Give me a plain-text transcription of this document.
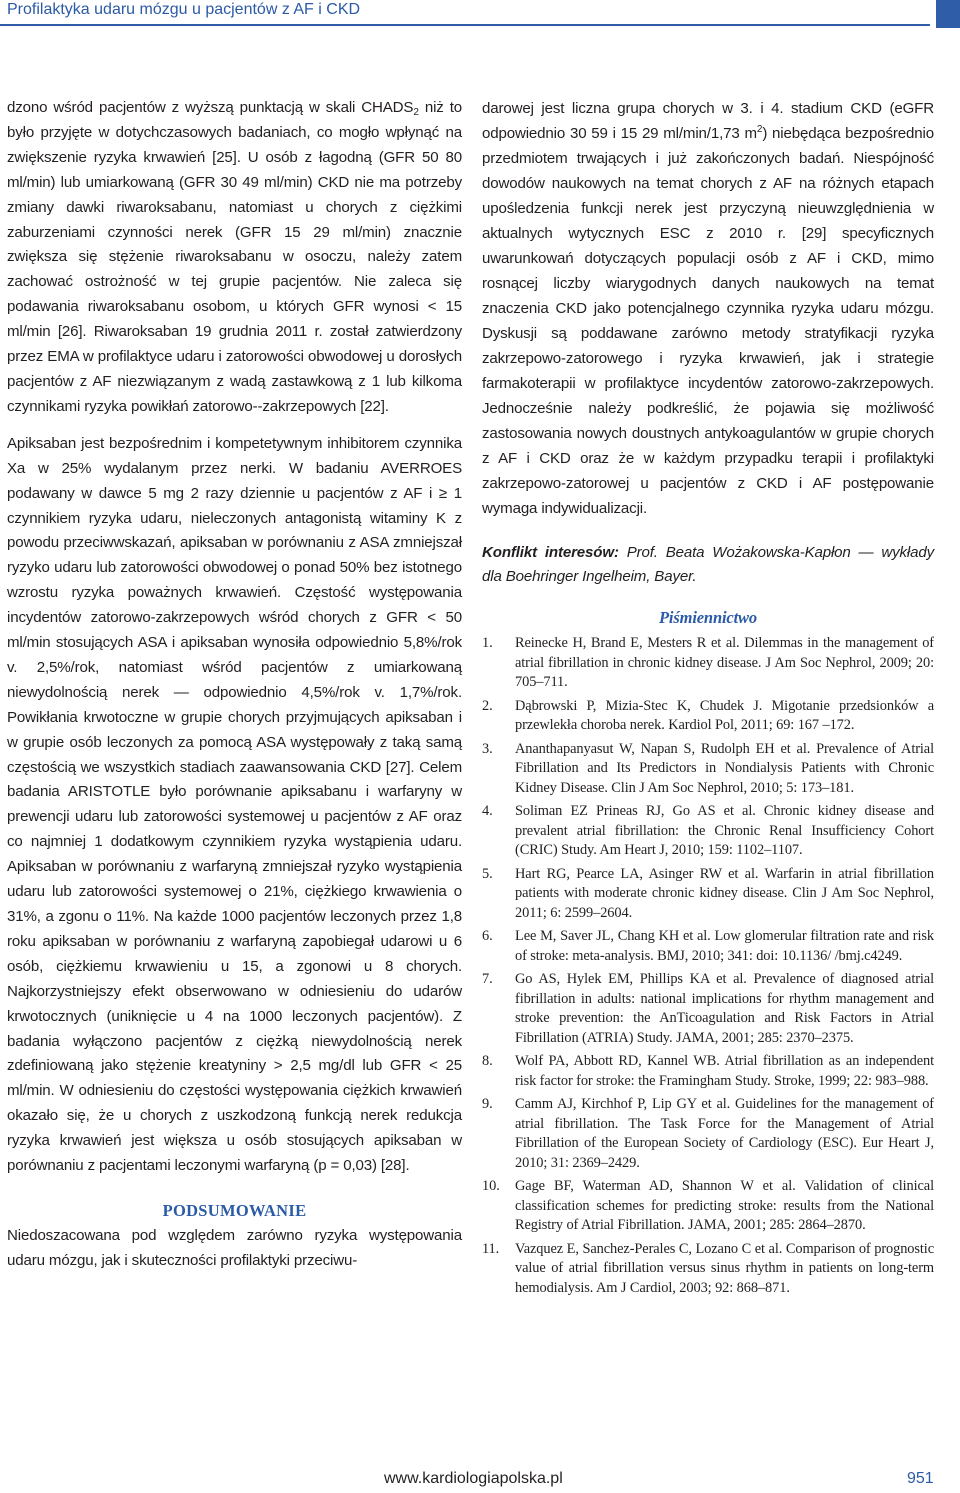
Profilaktyka udaru mózgu u pacjentów z AF i CKD

dzono wśród pacjentów z wyższą punktacją w skali $CHADS_2$ niż to było przyjęte w dotychczasowych badaniach, co mogło wpłynąć na zwiększenie ryzyka krwawień [25]. U osób z łagodną (GFR 50 80 ml/min) lub umiarkowaną (GFR 30 49 ml/min) CKD nie ma potrzeby zmiany dawki riwaroksabanu, natomiast u chorych z ciężkimi zaburzeniami czynności nerek (GFR 15 29 ml/min) znacznie zwiększa się stężenie riwaroksabanu w osoczu, należy zatem zachować ostrożność w tej grupie pacjentów. Nie zaleca się podawania riwaroksabanu osobom, u których GFR wynosi < 15 ml/min [26]. Riwaroksaban 19 grudnia 2011 r. został zatwierdzony przez EMA w profilaktyce udaru i zatorowości obwodowej u dorosłych pacjentów z AF niezwiązanym z wadą zastawkową z 1 lub kilkoma czynnikami ryzyka powikłań zatorowo--zakrzepowych [22].

Apiksaban jest bezpośrednim i kompetetywnym inhibitorem czynnika Xa w 25% wydalanym przez nerki. W badaniu AVERROES podawany w dawce 5 mg 2 razy dziennie u pacjentów z AF i ≥ 1 czynnikiem ryzyka udaru, nieleczonych antagonistą witaminy K z powodu przeciwwskazań, apiksaban w porównaniu z ASA zmniejszał ryzyko udaru lub zatorowości obwodowej o ponad 50% bez istotnego wzrostu ryzyka poważnych krwawień. Częstość występowania incydentów zatorowo-zakrzepowych wśród chorych z GFR < 50 ml/min stosujących ASA i apiksaban wynosiła odpowiednio 5,8%/rok v. 2,5%/rok, natomiast wśród pacjentów z umiarkowaną niewydolnością nerek — odpowiednio 4,5%/rok v. 1,7%/rok. Powikłania krwotoczne w grupie chorych przyjmujących apiksaban i w grupie osób leczonych za pomocą ASA występowały z taką samą częstością we wszystkich stadiach zaawansowania CKD [27]. Celem badania ARISTOTLE było porównanie apiksabanu i warfaryny w prewencji udaru lub zatorowości systemowej u pacjentów z AF oraz co najmniej 1 dodatkowym czynnikiem ryzyka wystąpienia udaru. Apiksaban w porównaniu z warfaryną zmniejszał ryzyko wystąpienia udaru lub zatorowości systemowej o 21%, ciężkiego krwawienia o 31%, a zgonu o 11%. Na każde 1000 pacjentów leczonych przez 1,8 roku apiksaban w porównaniu z warfaryną zapobiegał udarowi u 6 osób, ciężkiemu krwawieniu u 15, a zgonowi u 8 chorych. Najkorzystniejszy efekt obserwowano w odniesieniu do udarów krwotocznych (uniknięcie u 4 na 1000 leczonych pacjentów). Z badania wyłączono pacjentów z ciężką niewydolnością nerek zdefiniowaną jako stężenie kreatyniny > 2,5 mg/dl lub GFR < 25 ml/min. W odniesieniu do częstości występowania ciężkich krwawień okazało się, że u chorych z uszkodzoną funkcją nerek redukcja ryzyka krwawień jest większa u osób stosujących apiksaban w porównaniu z pacjentami leczonymi warfaryną (p = 0,03) [28].

PODSUMOWANIE

Niedoszacowana pod względem zarówno ryzyka występowania udaru mózgu, jak i skuteczności profilaktyki przeciwu-

darowej jest liczna grupa chorych w 3. i 4. stadium CKD (eGFR odpowiednio 30 59 i 15 29 ml/min/1,73 $m^2$) niebędąca bezpośrednio przedmiotem trwających i już zakończonych badań. Niespójność dowodów naukowych na temat chorych z AF na różnych etapach upośledzenia funkcji nerek jest przyczyną nieuwzględnienia w aktualnych wytycznych ESC z 2010 r. [29] specyficznych uwarunkowań dotyczących populacji osób z AF i CKD, mimo rosnącej liczby wiarygodnych danych naukowych na temat znaczenia CKD jako potencjalnego czynnika ryzyka udaru mózgu. Dyskusji są poddawane zarówno metody stratyfikacji ryzyka zakrzepowo-zatorowego i ryzyka krwawień, jak i strategie farmakoterapii w profilaktyce incydentów zatorowo-zakrzepowych. Jednocześnie należy podkreślić, że pojawia się możliwość zastosowania nowych doustnych antykoagulantów w grupie chorych z AF i CKD oraz że w każdym przypadku terapii i profilaktyki zakrzepowo-zatorowej u pacjentów z CKD i AF postępowanie wymaga indywidualizacji.

Konflikt interesów: Prof. Beata Wożakowska-Kapłon — wykłady dla Boehringer Ingelheim, Bayer.

Piśmiennictwo
1. Reinecke H, Brand E, Mesters R et al. Dilemmas in the management of atrial fibrillation in chronic kidney disease. J Am Soc Nephrol, 2009; 20: 705–711.
2. Dąbrowski P, Mizia-Stec K, Chudek J. Migotanie przedsionków a przewlekła choroba nerek. Kardiol Pol, 2011; 69: 167 –172.
3. Ananthapanyasut W, Napan S, Rudolph EH et al. Prevalence of Atrial Fibrillation and Its Predictors in Nondialysis Patients with Chronic Kidney Disease. Clin J Am Soc Nephrol, 2010; 5: 173–181.
4. Soliman EZ Prineas RJ, Go AS et al. Chronic kidney disease and prevalent atrial fibrillation: the Chronic Renal Insufficiency Cohort (CRIC) Study. Am Heart J, 2010; 159: 1102–1107.
5. Hart RG, Pearce LA, Asinger RW et al. Warfarin in atrial fibrillation patients with moderate chronic kidney disease. Clin J Am Soc Nephrol, 2011; 6: 2599–2604.
6. Lee M, Saver JL, Chang KH et al. Low glomerular filtration rate and risk of stroke: meta-analysis. BMJ, 2010; 341: doi: 10.1136/ /bmj.c4249.
7. Go AS, Hylek EM, Phillips KA et al. Prevalence of diagnosed atrial fibrillation in adults: national implications for rhythm management and stroke prevention: the AnTicoagulation and Risk Factors in Atrial Fibrillation (ATRIA) Study. JAMA, 2001; 285: 2370–2375.
8. Wolf PA, Abbott RD, Kannel WB. Atrial fibrillation as an independent risk factor for stroke: the Framingham Study. Stroke, 1999; 22: 983–988.
9. Camm AJ, Kirchhof P, Lip GY et al. Guidelines for the management of atrial fibrillation. The Task Force for the Management of Atrial Fibrillation of the European Society of Cardiology (ESC). Eur Heart J, 2010; 31: 2369–2429.
10. Gage BF, Waterman AD, Shannon W et al. Validation of clinical classification schemes for predicting stroke: results from the National Registry of Atrial Fibrillation. JAMA, 2001; 285: 2864–2870.
11. Vazquez E, Sanchez-Perales C, Lozano C et al. Comparison of prognostic value of atrial fibrillation versus sinus rhythm in patients on long-term hemodialysis. Am J Cardiol, 2003; 92: 868–871.
www.kardiologiapolska.pl	951
